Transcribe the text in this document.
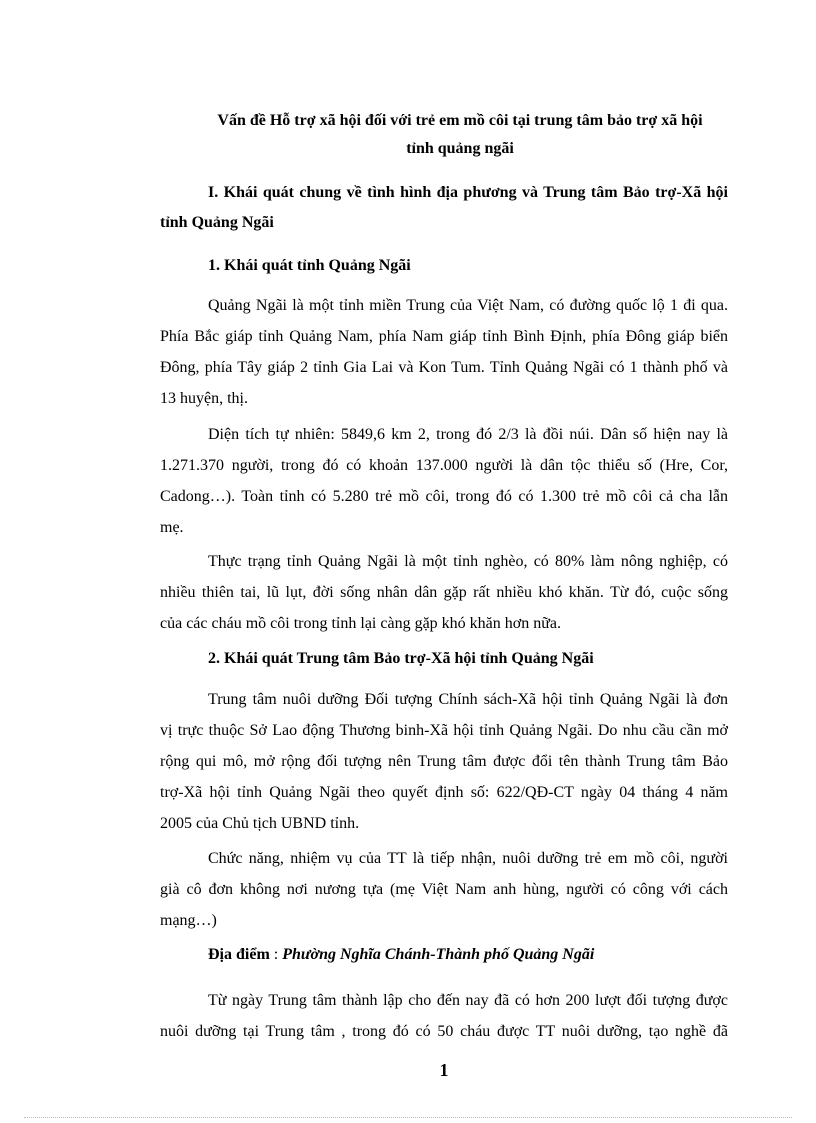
Vấn đề Hỗ trợ xã hội đối với trẻ em mồ côi tại trung tâm bảo trợ xã hội
tỉnh quảng ngãi
I. Khái quát chung về tình hình địa phương và Trung tâm Bảo trợ-Xã hội
tỉnh Quảng Ngãi
1. Khái quát tỉnh Quảng Ngãi
Quảng Ngãi là một tỉnh miền Trung của Việt Nam, có đường quốc lộ 1 đi qua.
Phía Bắc giáp tỉnh Quảng Nam, phía Nam giáp tỉnh Bình Định, phía Đông giáp biển
Đông, phía Tây giáp 2 tỉnh Gia Lai và Kon Tum. Tỉnh Quảng Ngãi có 1 thành phố và
13 huyện, thị.
Diện tích tự nhiên: 5849,6 km 2, trong đó 2/3 là đồi núi. Dân số hiện nay là
1.271.370 người, trong đó có khoản 137.000 người là dân tộc thiểu số (Hre, Cor,
Cadong…). Toàn tỉnh có 5.280 trẻ mồ côi, trong đó có 1.300 trẻ mồ côi cả cha lẫn
mẹ.
Thực trạng tỉnh Quảng Ngãi là một tỉnh nghèo, có 80% làm nông nghiệp, có
nhiều thiên tai, lũ lụt, đời sống nhân dân gặp rất nhiều khó khăn. Từ đó, cuộc sống
của các cháu mồ côi trong tỉnh lại càng gặp khó khăn hơn nữa.
2. Khái quát Trung tâm Bảo trợ-Xã hội tỉnh Quảng Ngãi
Trung tâm nuôi dưỡng Đối tượng Chính sách-Xã hội tỉnh Quảng Ngãi là đơn
vị trực thuộc Sở Lao động Thương binh-Xã hội tỉnh Quảng Ngãi. Do nhu cầu cần mở
rộng qui mô, mở rộng đối tượng nên Trung tâm được đổi tên thành Trung tâm Bảo
trợ-Xã hội tỉnh Quảng Ngãi theo quyết định số: 622/QĐ-CT ngày 04 tháng 4 năm
2005 của Chủ tịch UBND tỉnh.
Chức năng, nhiệm vụ của TT là tiếp nhận, nuôi dưỡng trẻ em mồ côi, người
già cô đơn không nơi nương tựa (mẹ Việt Nam anh hùng, người có công với cách
mạng…)
Địa điểm : Phường Nghĩa Chánh-Thành phố Quảng Ngãi
Từ ngày Trung tâm thành lập cho đến nay đã có hơn 200 lượt đối tượng được
nuôi dưỡng tại Trung tâm , trong đó có 50 cháu được TT nuôi dưỡng, tạo nghề đã
1
